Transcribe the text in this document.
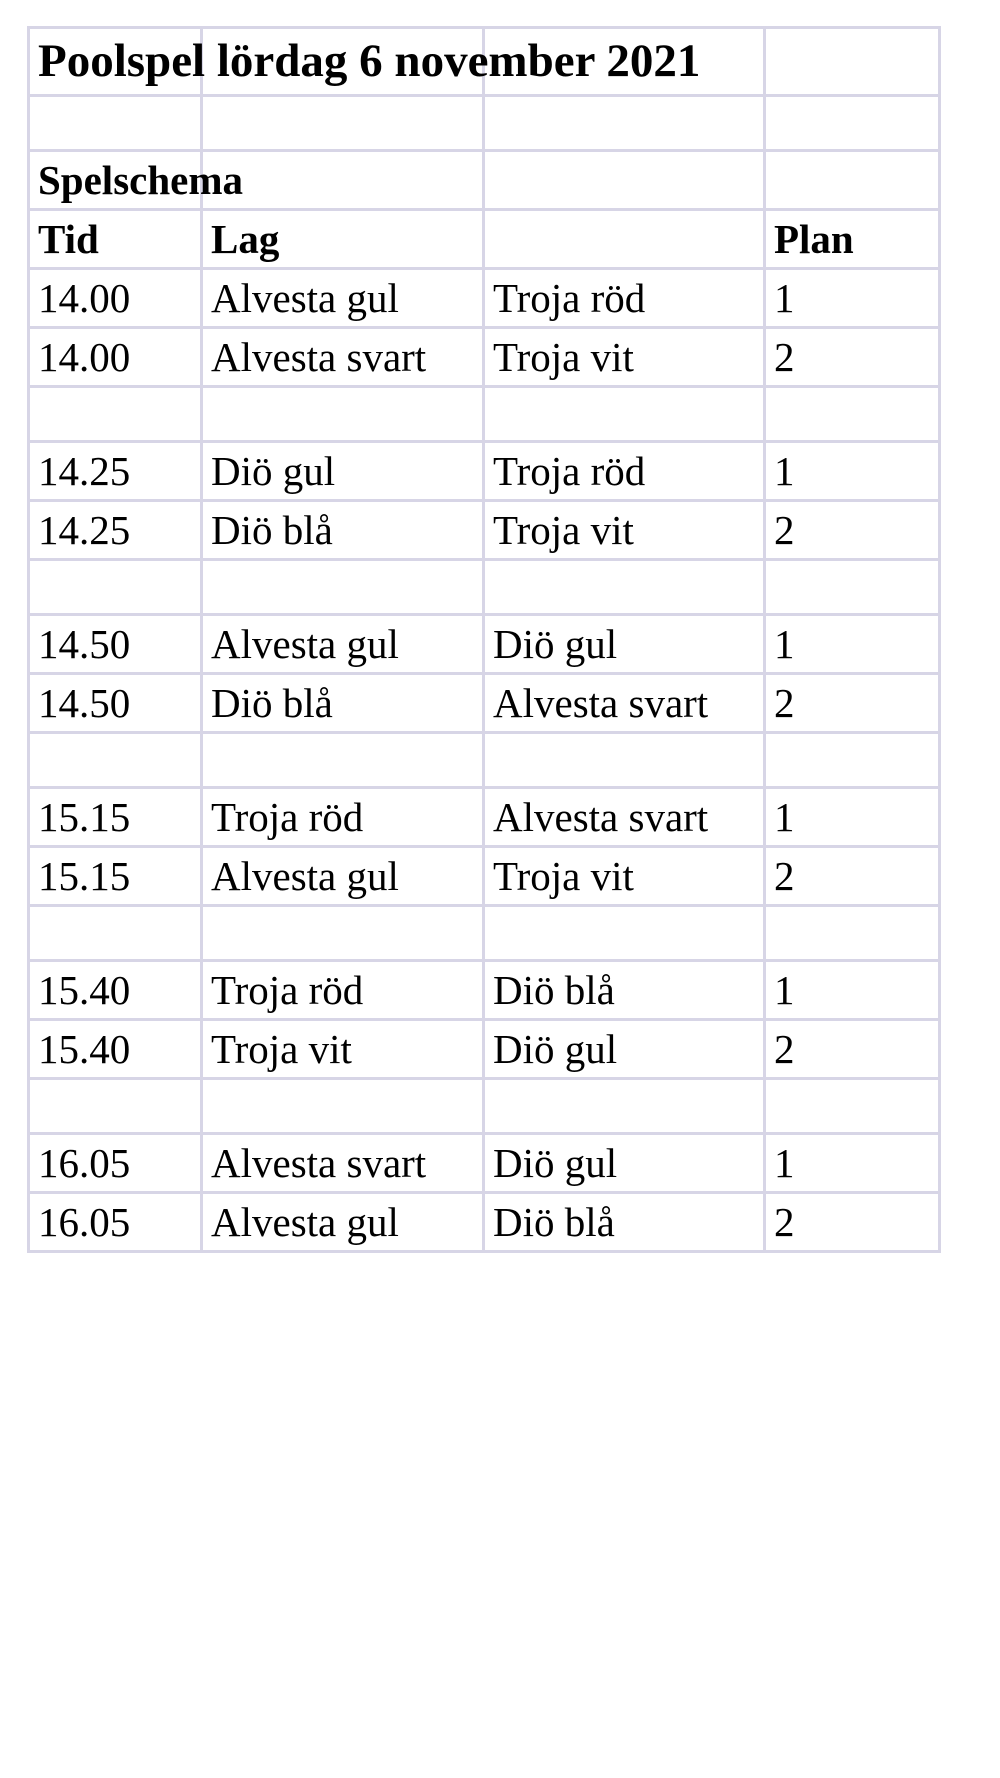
Poolspel lördag 6 november 2021			

Spelschema			
Tid	Lag		Plan
14.00	Alvesta gul	Troja röd	1
14.00	Alvesta svart	Troja vit	2

14.25	Diö gul	Troja röd	1
14.25	Diö blå	Troja vit	2

14.50	Alvesta gul	Diö gul	1
14.50	Diö blå	Alvesta svart	2

15.15	Troja röd	Alvesta svart	1
15.15	Alvesta gul	Troja vit	2

15.40	Troja röd	Diö blå	1
15.40	Troja vit	Diö gul	2

16.05	Alvesta svart	Diö gul	1
16.05	Alvesta gul	Diö blå	2
